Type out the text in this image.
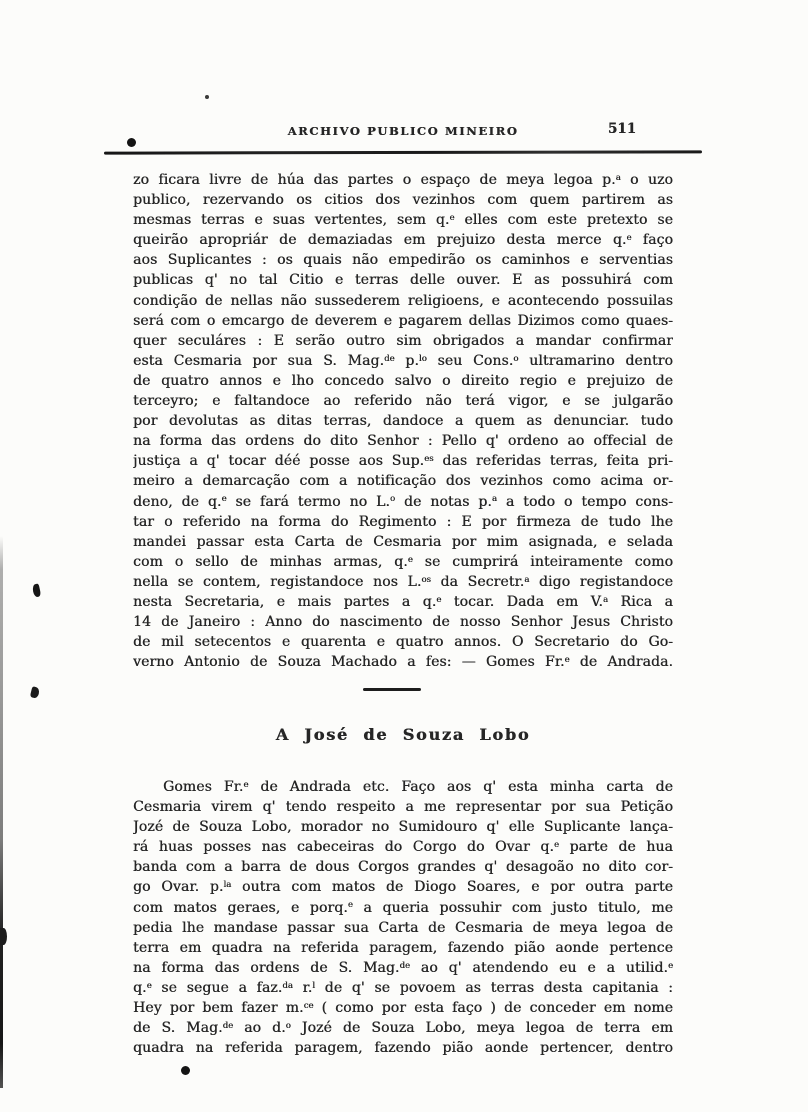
ARCHIVO PUBLICO MINEIRO	511
zo ficara livre de húa das partes o espaço de meya legoa p.$^a$ o uzo
publico, rezervando os citios dos vezinhos com quem partirem as
mesmas terras e suas vertentes, sem q.$^e$ elles com este pretexto se
queirão apropriár de demaziadas em prejuizo desta merce q.$^e$ faço
aos Suplicantes : os quais não empedirão os caminhos e serventias
publicas q' no tal Citio e terras delle ouver. E as possuhirá com
condição de nellas não sussederem religioens, e acontecendo possuilas
será com o emcargo de deverem e pagarem dellas Dizimos como quaes-
quer seculáres : E serão outro sim obrigados a mandar confirmar
esta Cesmaria por sua S. Mag.$^{de}$ p.$^{lo}$ seu Cons.$^o$ ultramarino dentro
de quatro annos e lho concedo salvo o direito regio e prejuizo de
terceyro; e faltandoce ao referido não terá vigor, e se julgarão
por devolutas as ditas terras, dandoce a quem as denunciar. tudo
na forma das ordens do dito Senhor : Pello q' ordeno ao offecial de
justiça a q' tocar déé posse aos Sup.$^{es}$ das referidas terras, feita pri-
meiro a demarcação com a notificação dos vezinhos como acima or-
deno, de q.$^e$ se fará termo no L.$^o$ de notas p.$^a$ a todo o tempo cons-
tar o referido na forma do Regimento : E por firmeza de tudo lhe
mandei passar esta Carta de Cesmaria por mim asignada, e selada
com o sello de minhas armas, q.$^e$ se cumprirá inteiramente como
nella se contem, registandoce nos L.$^{os}$ da Secretr.$^a$ digo registandoce
nesta Secretaria, e mais partes a q.$^e$ tocar. Dada em V.$^a$ Rica a
14 de Janeiro : Anno do nascimento de nosso Senhor Jesus Christo
de mil setecentos e quarenta e quatro annos. O Secretario do Go-
verno Antonio de Souza Machado a fes: — Gomes Fr.$^e$ de Andrada.
A José de Souza Lobo
Gomes Fr.$^e$ de Andrada etc. Faço aos q' esta minha carta de
Cesmaria virem q' tendo respeito a me representar por sua Petição
Jozé de Souza Lobo, morador no Sumidouro q' elle Suplicante lança-
rá huas posses nas cabeceiras do Corgo do Ovar q.$^e$ parte de hua
banda com a barra de dous Corgos grandes q' desagoão no dito cor-
go Ovar. p.$^{la}$ outra com matos de Diogo Soares, e por outra parte
com matos geraes, e porq.$^e$ a queria possuhir com justo titulo, me
pedia lhe mandase passar sua Carta de Cesmaria de meya legoa de
terra em quadra na referida paragem, fazendo pião aonde pertence
na forma das ordens de S. Mag.$^{de}$ ao q' atendendo eu e a utilid.$^e$
q.$^e$ se segue a faz.$^{da}$ r.$^l$ de q' se povoem as terras desta capitania :
Hey por bem fazer m.$^{ce}$ ( como por esta faço ) de conceder em nome
de S. Mag.$^{de}$ ao d.$^o$ Jozé de Souza Lobo, meya legoa de terra em
quadra na referida paragem, fazendo pião aonde pertencer, dentro
